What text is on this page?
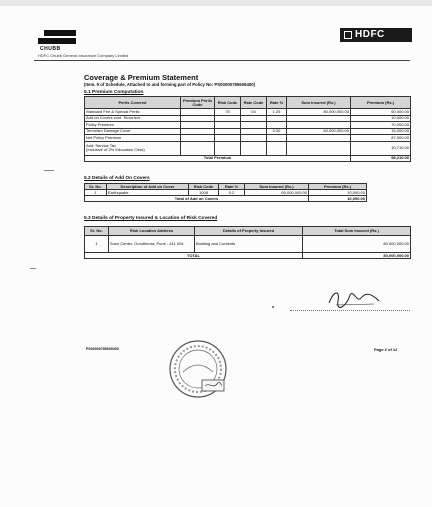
CHUBB
HDFC
HDFC Chubb General Insurance Company Limited
Coverage & Premium Statement
(Item. 9 of Schedule, Attached to and forming part of Policy No: PS00000785609400)
5.1 Premium Computation
Perils Covered	Premium Perils Code	Risk Code	Rate Code	Rate %	Sum Insured (Rs.)	Premium (Rs.)
Standard Fire & Special Perils		75	04	1.25	80,000,000.00	60,000.00
Add on Covers cont. Terrorism						10,000.00
Policy Premium						70,000.00
Terrorism Damage Cover				0.30	60,000,000.00	15,000.00
Net Policy Premium						87,500.00

Add: Service Tax
(Inclusive of 2% Education Cess)						10,710.00
Total Premium						98,210.00
5.2 Details of Add On Covers
Sr. No.	Description of Add on Cover	Risk Code	Rate %	Sum Insured (Rs.)	Premium (Rs.)
1	Earthquake	1009	0.2	60,000,000.00	10,000.00
Total of Add on Covers					10,000.00
5.3 Details of Property Insured & Location of Risk Covered
Sr. No.	Risk Location Address	Details of Property Insured	Total Sum Insured (Rs.)
1	Suez Center, Gondheora, Pune - 411 004	Building and Contents	80,000,000.00
TOTAL			80,000,000.00
PS00000785609400	Page 2 of 12
